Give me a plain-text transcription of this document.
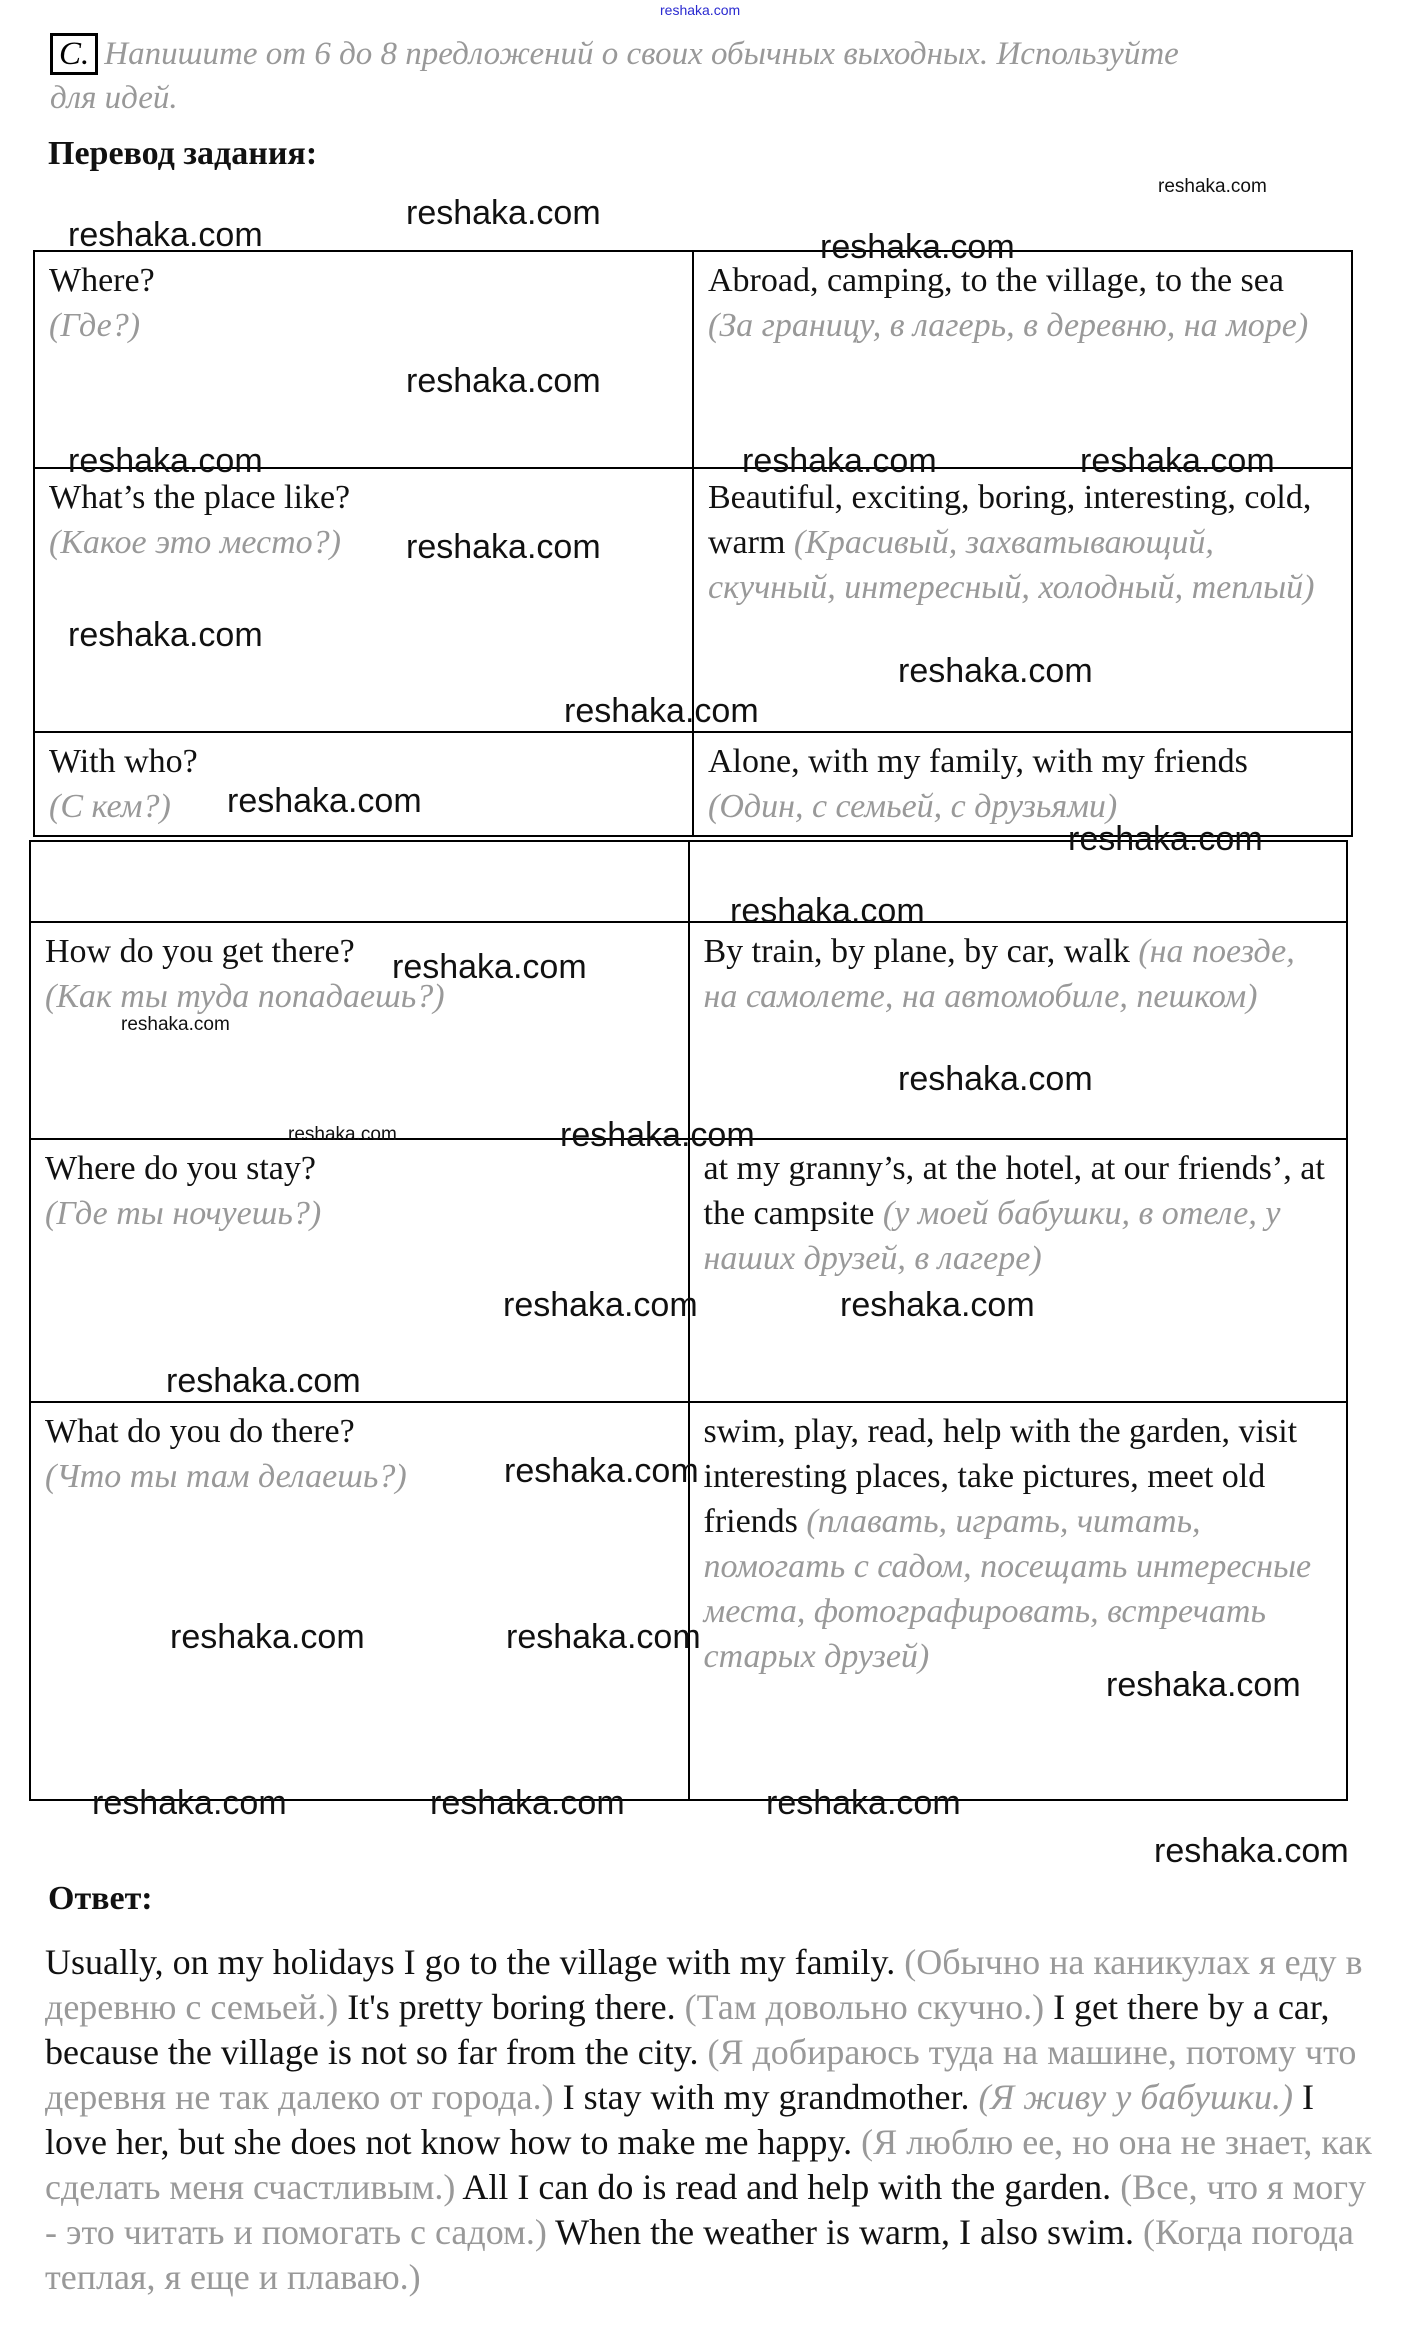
reshaka.com
C. Напишите от 6 до 8 предложений о своих обычных выходных. Используйте для идей.
Перевод задания:
Where?
(Где?)	Abroad, camping, to the village, to the sea (За границу, в лагерь, в деревню, на море)
What’s the place like?
(Какое это место?)	Beautiful, exciting, boring, interesting, cold, warm (Красивый, захватывающий, скучный, интересный, холодный, теплый)
With who?
(С кем?)	Alone, with my family, with my friends (Один, с семьей, с друзьями)

How do you get there?
(Как ты туда попадаешь?)	By train, by plane, by car, walk (на поезде, на самолете, на автомобиле, пешком)
Where do you stay?
(Где ты ночуешь?)	at my granny’s, at the hotel, at our friends’, at the campsite (у моей бабушки, в отеле, у наших друзей, в лагере)
What do you do there?
(Что ты там делаешь?)	swim, play, read, help with the garden, visit interesting places, take pictures, meet old friends (плавать, играть, читать, помогать с садом, посещать интересные места, фотографировать, встречать старых друзей)
Ответ:
Usually, on my holidays I go to the village with my family. (Обычно на каникулах я еду в деревню с семьей.) It's pretty boring there. (Там довольно скучно.) I get there by a car, because the village is not so far from the city. (Я добираюсь туда на машине, потому что деревня не так далеко от города.) I stay with my grandmother. (Я живу у бабушки.) I love her, but she does not know how to make me happy. (Я люблю ее, но она не знает, как сделать меня счастливым.) All I can do is read and help with the garden. (Все, что я могу - это читать и помогать с садом.) When the weather is warm, I also swim. (Когда погода теплая, я еще и плаваю.)
reshaka.com
reshaka.com
reshaka.com	reshaka.com
reshaka.com
reshaka.com	reshaka.com	reshaka.com
reshaka.com
reshaka.com
reshaka.com
reshaka.com
reshaka.com
reshaka.com
reshaka.com
reshaka.com
reshaka.com
reshaka.com
reshaka.com
reshaka.com
reshaka.com	reshaka.com
reshaka.com
reshaka.com
reshaka.com	reshaka.com
reshaka.com
reshaka.com	reshaka.com	reshaka.com
reshaka.com
